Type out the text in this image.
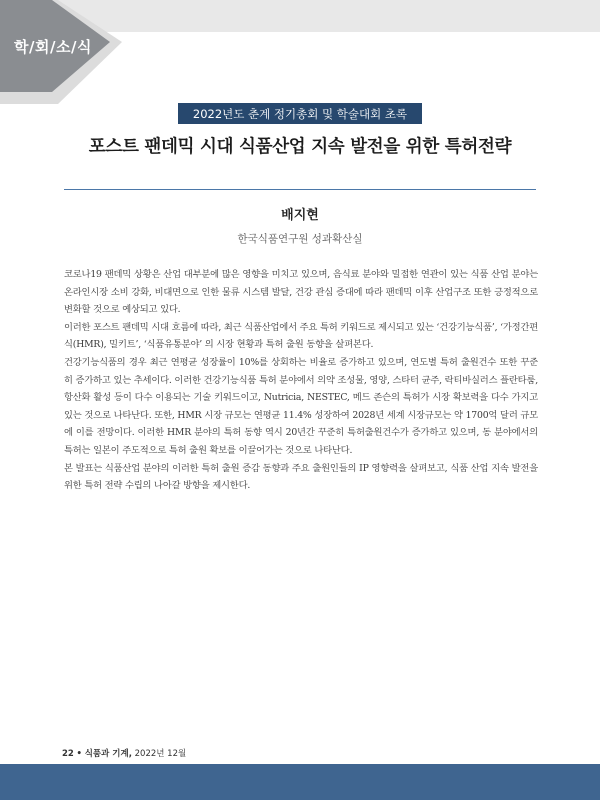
학/회/소/식
2022년도 춘계 정기총회 및 학술대회 초록
포스트 팬데믹 시대 식품산업 지속 발전을 위한 특허전략
배지현
한국식품연구원 성과확산실

코로나19 팬데믹 상황은 산업 대부분에 많은 영향을 미치고 있으며, 음식료 분야와 밀접한 연관이 있는 식품 산업 분야는 온라인시장 소비 강화, 비대면으로 인한 물류 시스템 발달, 건강 관심 증대에 따라 팬데믹 이후 산업구조 또한 긍정적으로 변화할 것으로 예상되고 있다.

이러한 포스트 팬데믹 시대 흐름에 따라, 최근 식품산업에서 주요 특허 키워드로 제시되고 있는 ‘건강기능식품’, ‘가정간편식(HMR), 밀키트’, ‘식품유통분야’ 의 시장 현황과 특허 출원 동향을 살펴본다.

건강기능식품의 경우 최근 연평균 성장률이 10%를 상회하는 비율로 증가하고 있으며, 연도별 특허 출원건수 또한 꾸준히 증가하고 있는 추세이다. 이러한 건강기능식품 특허 분야에서 의약 조성물, 영양, 스타터 균주, 락티바실러스 플란타룸, 항산화 활성 등이 다수 이용되는 기술 키워드이고, Nutricia, NESTEC, 메드 존슨의 특허가 시장 확보력을 다수 가지고 있는 것으로 나타난다. 또한, HMR 시장 규모는 연평균 11.4% 성장하여 2028년 세계 시장규모는 약 1700억 달러 규모에 이를 전망이다. 이러한 HMR 분야의 특허 동향 역시 20년간 꾸준히 특허출원건수가 증가하고 있으며, 동 분야에서의 특허는 일본이 주도적으로 특허 출원 확보를 이끌어가는 것으로 나타난다.

본 발표는 식품산업 분야의 이러한 특허 출원 증감 동향과 주요 출원인들의 IP 영향력을 살펴보고, 식품 산업 지속 발전을 위한 특허 전략 수립의 나아갈 방향을 제시한다.

22 • 식품과 기계, 2022년 12월
